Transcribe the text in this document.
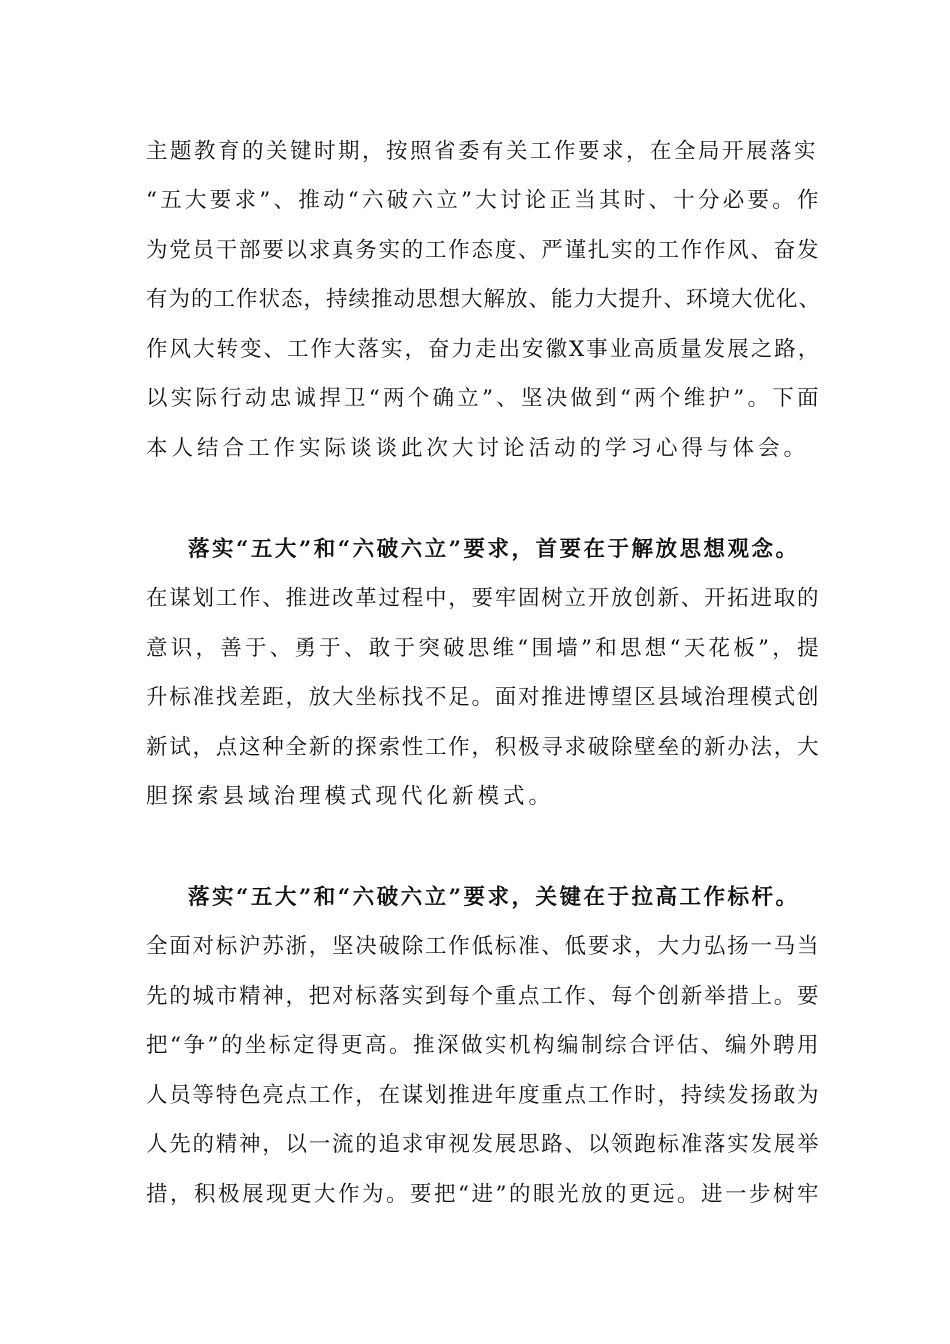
主题教育的关键时期，按照省委有关工作要求，在全局开展落实
“五大要求”、推动“六破六立”大讨论正当其时、十分必要。作
为党员干部要以求真务实的工作态度、严谨扎实的工作作风、奋发
有为的工作状态，持续推动思想大解放、能力大提升、环境大优化、
作风大转变、工作大落实，奋力走出安徽X事业高质量发展之路，
以实际行动忠诚捍卫“两个确立”、坚决做到“两个维护”。下面
本人结合工作实际谈谈此次大讨论活动的学习心得与体会。
落实“五大”和“六破六立”要求，首要在于解放思想观念。
在谋划工作、推进改革过程中，要牢固树立开放创新、开拓进取的
意识，善于、勇于、敢于突破思维“围墙”和思想“天花板”，提
升标准找差距，放大坐标找不足。面对推进博望区县域治理模式创
新试，点这种全新的探索性工作，积极寻求破除壁垒的新办法，大
胆探索县域治理模式现代化新模式。
落实“五大”和“六破六立”要求，关键在于拉高工作标杆。
全面对标沪苏浙，坚决破除工作低标准、低要求，大力弘扬一马当
先的城市精神，把对标落实到每个重点工作、每个创新举措上。要
把“争”的坐标定得更高。推深做实机构编制综合评估、编外聘用
人员等特色亮点工作，在谋划推进年度重点工作时，持续发扬敢为
人先的精神，以一流的追求审视发展思路、以领跑标准落实发展举
措，积极展现更大作为。要把“进”的眼光放的更远。进一步树牢
